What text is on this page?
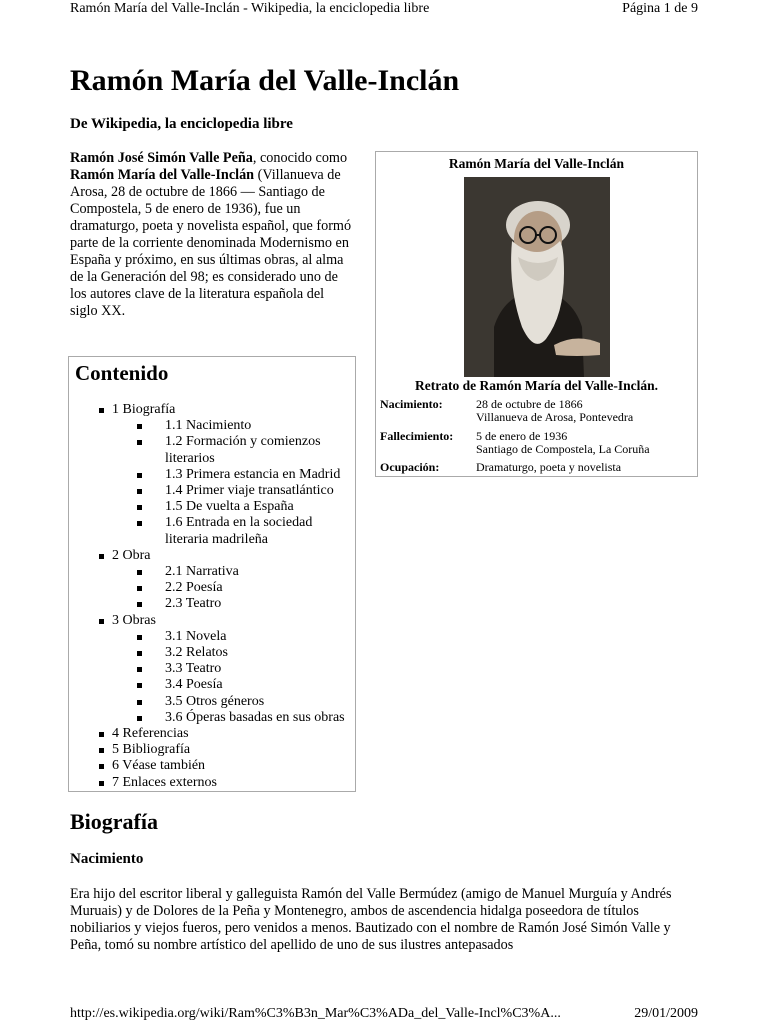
Ramón María del Valle-Inclán - Wikipedia, la enciclopedia libre	Página 1 de 9
Ramón María del Valle-Inclán
De Wikipedia, la enciclopedia libre
Ramón José Simón Valle Peña, conocido como Ramón María del Valle-Inclán (Villanueva de Arosa, 28 de octubre de 1866 — Santiago de Compostela, 5 de enero de 1936), fue un dramaturgo, poeta y novelista español, que formó parte de la corriente denominada Modernismo en España y próximo, en sus últimas obras, al alma de la Generación del 98; es considerado uno de los autores clave de la literatura española del siglo XX.
Contenido
1 Biografía
1.1 Nacimiento
1.2 Formación y comienzos literarios
1.3 Primera estancia en Madrid
1.4 Primer viaje transatlántico
1.5 De vuelta a España
1.6 Entrada en la sociedad literaria madrileña
2 Obra
2.1 Narrativa
2.2 Poesía
2.3 Teatro
3 Obras
3.1 Novela
3.2 Relatos
3.3 Teatro
3.4 Poesía
3.5 Otros géneros
3.6 Óperas basadas en sus obras
4 Referencias
5 Bibliografía
6 Véase también
7 Enlaces externos
Ramón María del Valle-Inclán
Retrato de Ramón María del Valle-Inclán.
Nacimiento:	28 de octubre de 1866
Villanueva de Arosa, Pontevedra
Fallecimiento: 5 de enero de 1936
Santiago de Compostela, La Coruña
Ocupación:	Dramaturgo, poeta y novelista
Biografía
Nacimiento
Era hijo del escritor liberal y galleguista Ramón del Valle Bermúdez (amigo de Manuel Murguía y Andrés Muruais) y de Dolores de la Peña y Montenegro, ambos de ascendencia hidalga poseedora de títulos nobiliarios y viejos fueros, pero venidos a menos. Bautizado con el nombre de Ramón José Simón Valle y Peña, tomó su nombre artístico del apellido de uno de sus ilustres antepasados
http://es.wikipedia.org/wiki/Ram%C3%B3n_Mar%C3%ADa_del_Valle-Incl%C3%A...	29/01/2009
